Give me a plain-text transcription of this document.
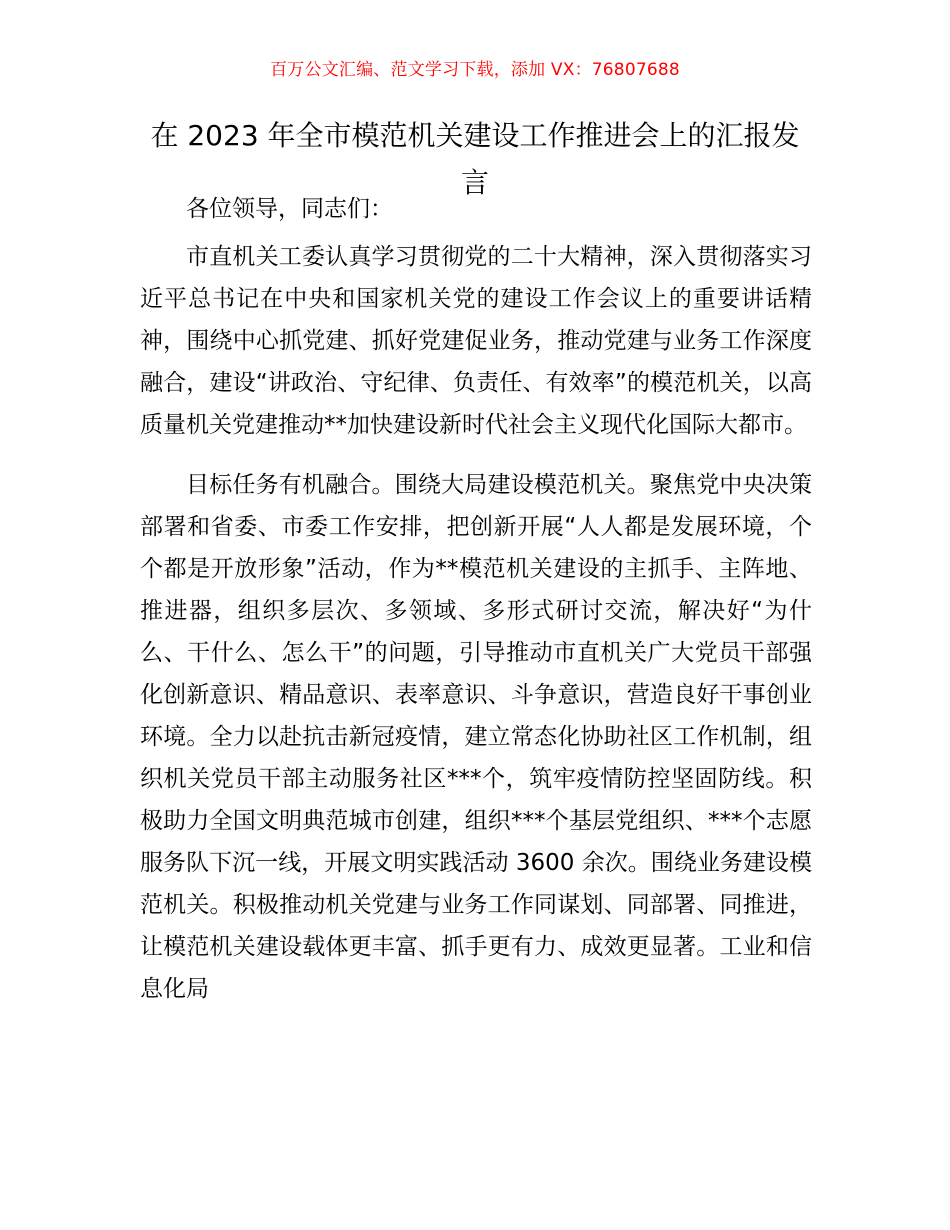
百万公文汇编、范文学习下载，添加 VX：76807688
在 2023 年全市模范机关建设工作推进会上的汇报发言

各位领导，同志们：

市直机关工委认真学习贯彻党的二十大精神，深入贯彻落实习近平总书记在中央和国家机关党的建设工作会议上的重要讲话精神，围绕中心抓党建、抓好党建促业务，推动党建与业务工作深度融合，建设“讲政治、守纪律、负责任、有效率”的模范机关，以高质量机关党建推动**加快建设新时代社会主义现代化国际大都市。

目标任务有机融合。围绕大局建设模范机关。聚焦党中央决策部署和省委、市委工作安排，把创新开展“人人都是发展环境，个个都是开放形象”活动，作为**模范机关建设的主抓手、主阵地、推进器，组织多层次、多领域、多形式研讨交流，解决好“为什么、干什么、怎么干”的问题，引导推动市直机关广大党员干部强化创新意识、精品意识、表率意识、斗争意识，营造良好干事创业环境。全力以赴抗击新冠疫情，建立常态化协助社区工作机制，组织机关党员干部主动服务社区***个，筑牢疫情防控坚固防线。积极助力全国文明典范城市创建，组织***个基层党组织、***个志愿服务队下沉一线，开展文明实践活动 3600 余次。围绕业务建设模范机关。积极推动机关党建与业务工作同谋划、同部署、同推进，让模范机关建设载体更丰富、抓手更有力、成效更显著。工业和信息化局
